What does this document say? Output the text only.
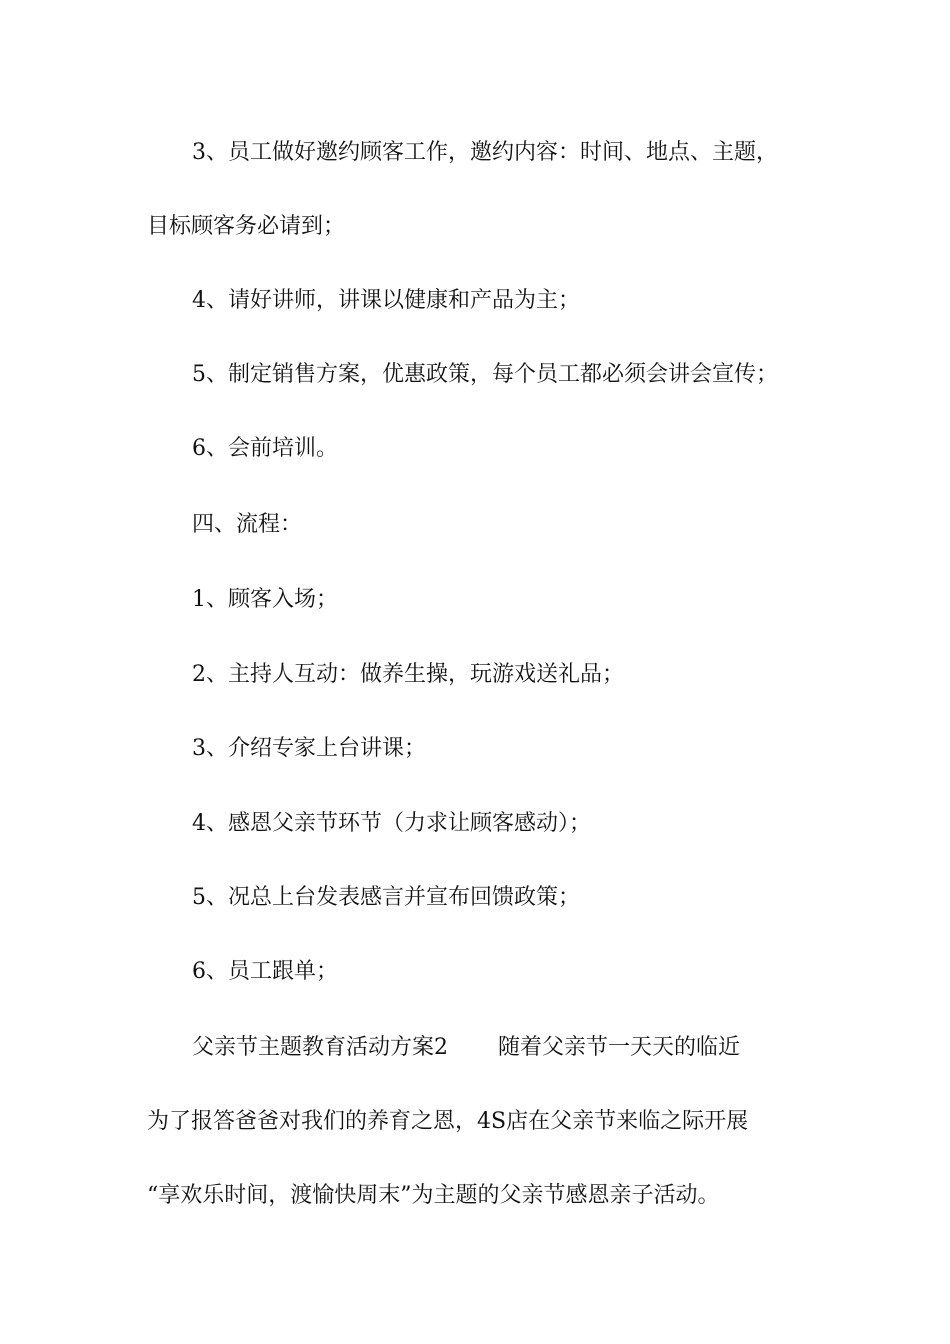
3、员工做好邀约顾客工作，邀约内容：时间、地点、主题，

目标顾客务必请到；

4、请好讲师，讲课以健康和产品为主；

5、制定销售方案，优惠政策，每个员工都必须会讲会宣传；

6、会前培训。

四、流程：

1、顾客入场；

2、主持人互动：做养生操，玩游戏送礼品；

3、介绍专家上台讲课；

4、感恩父亲节环节（力求让顾客感动）；

5、况总上台发表感言并宣布回馈政策；

6、员工跟单；

父亲节主题教育活动方案2 随着父亲节一天天的临近

为了报答爸爸对我们的养育之恩，4S店在父亲节来临之际开展

“享欢乐时间，渡愉快周末”为主题的父亲节感恩亲子活动。
